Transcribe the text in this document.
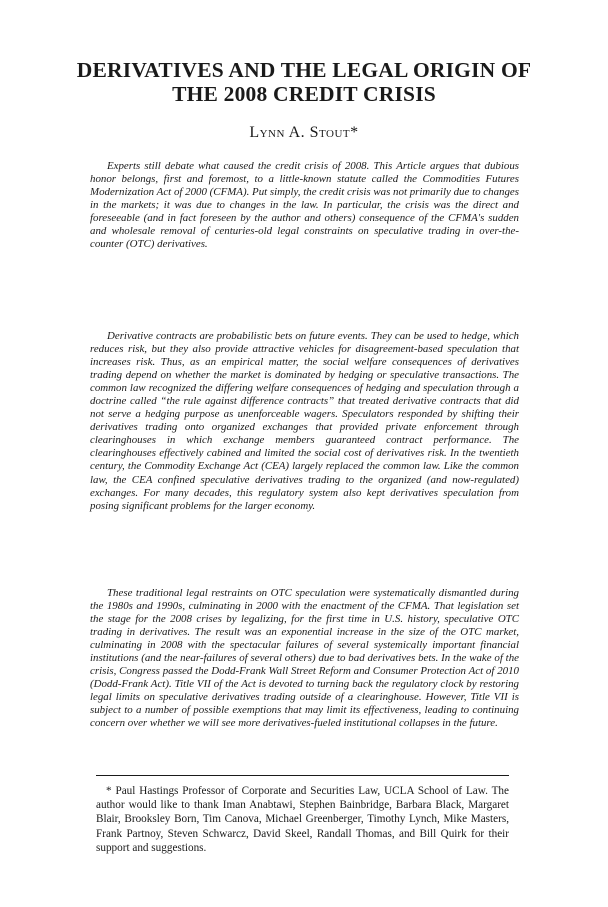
DERIVATIVES AND THE LEGAL ORIGIN OF
THE 2008 CREDIT CRISIS

Lynn A. Stout*

Experts still debate what caused the credit crisis of 2008. This Article argues that dubious honor belongs, first and foremost, to a little-known statute called the Commodities Futures Modernization Act of 2000 (CFMA). Put simply, the credit crisis was not primarily due to changes in the markets; it was due to changes in the law. In particular, the crisis was the direct and foreseeable (and in fact foreseen by the author and others) consequence of the CFMA's sudden and wholesale removal of centuries-old legal constraints on speculative trading in over-the-counter (OTC) derivatives.

Derivative contracts are probabilistic bets on future events. They can be used to hedge, which reduces risk, but they also provide attractive vehicles for disagreement-based speculation that increases risk. Thus, as an empirical matter, the social welfare consequences of derivatives trading depend on whether the market is dominated by hedging or speculative transactions. The common law recognized the differing welfare consequences of hedging and speculation through a doctrine called “the rule against difference contracts” that treated derivative contracts that did not serve a hedging purpose as unenforceable wagers. Speculators responded by shifting their derivatives trading onto organized exchanges that provided private enforcement through clearinghouses in which exchange members guaranteed contract performance. The clearinghouses effectively cabined and limited the social cost of derivatives risk. In the twentieth century, the Commodity Exchange Act (CEA) largely replaced the common law. Like the common law, the CEA confined speculative derivatives trading to the organized (and now-regulated) exchanges. For many decades, this regulatory system also kept derivatives speculation from posing significant problems for the larger economy.

These traditional legal restraints on OTC speculation were systematically dismantled during the 1980s and 1990s, culminating in 2000 with the enactment of the CFMA. That legislation set the stage for the 2008 crises by legalizing, for the first time in U.S. history, speculative OTC trading in derivatives. The result was an exponential increase in the size of the OTC market, culminating in 2008 with the spectacular failures of several systemically important financial institutions (and the near-failures of several others) due to bad derivatives bets. In the wake of the crisis, Congress passed the Dodd-Frank Wall Street Reform and Consumer Protection Act of 2010 (Dodd-Frank Act). Title VII of the Act is devoted to turning back the regulatory clock by restoring legal limits on speculative derivatives trading outside of a clearinghouse. However, Title VII is subject to a number of possible exemptions that may limit its effectiveness, leading to continuing concern over whether we will see more derivatives-fueled institutional collapses in the future.

* Paul Hastings Professor of Corporate and Securities Law, UCLA School of Law. The author would like to thank Iman Anabtawi, Stephen Bainbridge, Barbara Black, Margaret Blair, Brooksley Born, Tim Canova, Michael Greenberger, Timothy Lynch, Mike Masters, Frank Partnoy, Steven Schwarcz, David Skeel, Randall Thomas, and Bill Quirk for their support and suggestions.
